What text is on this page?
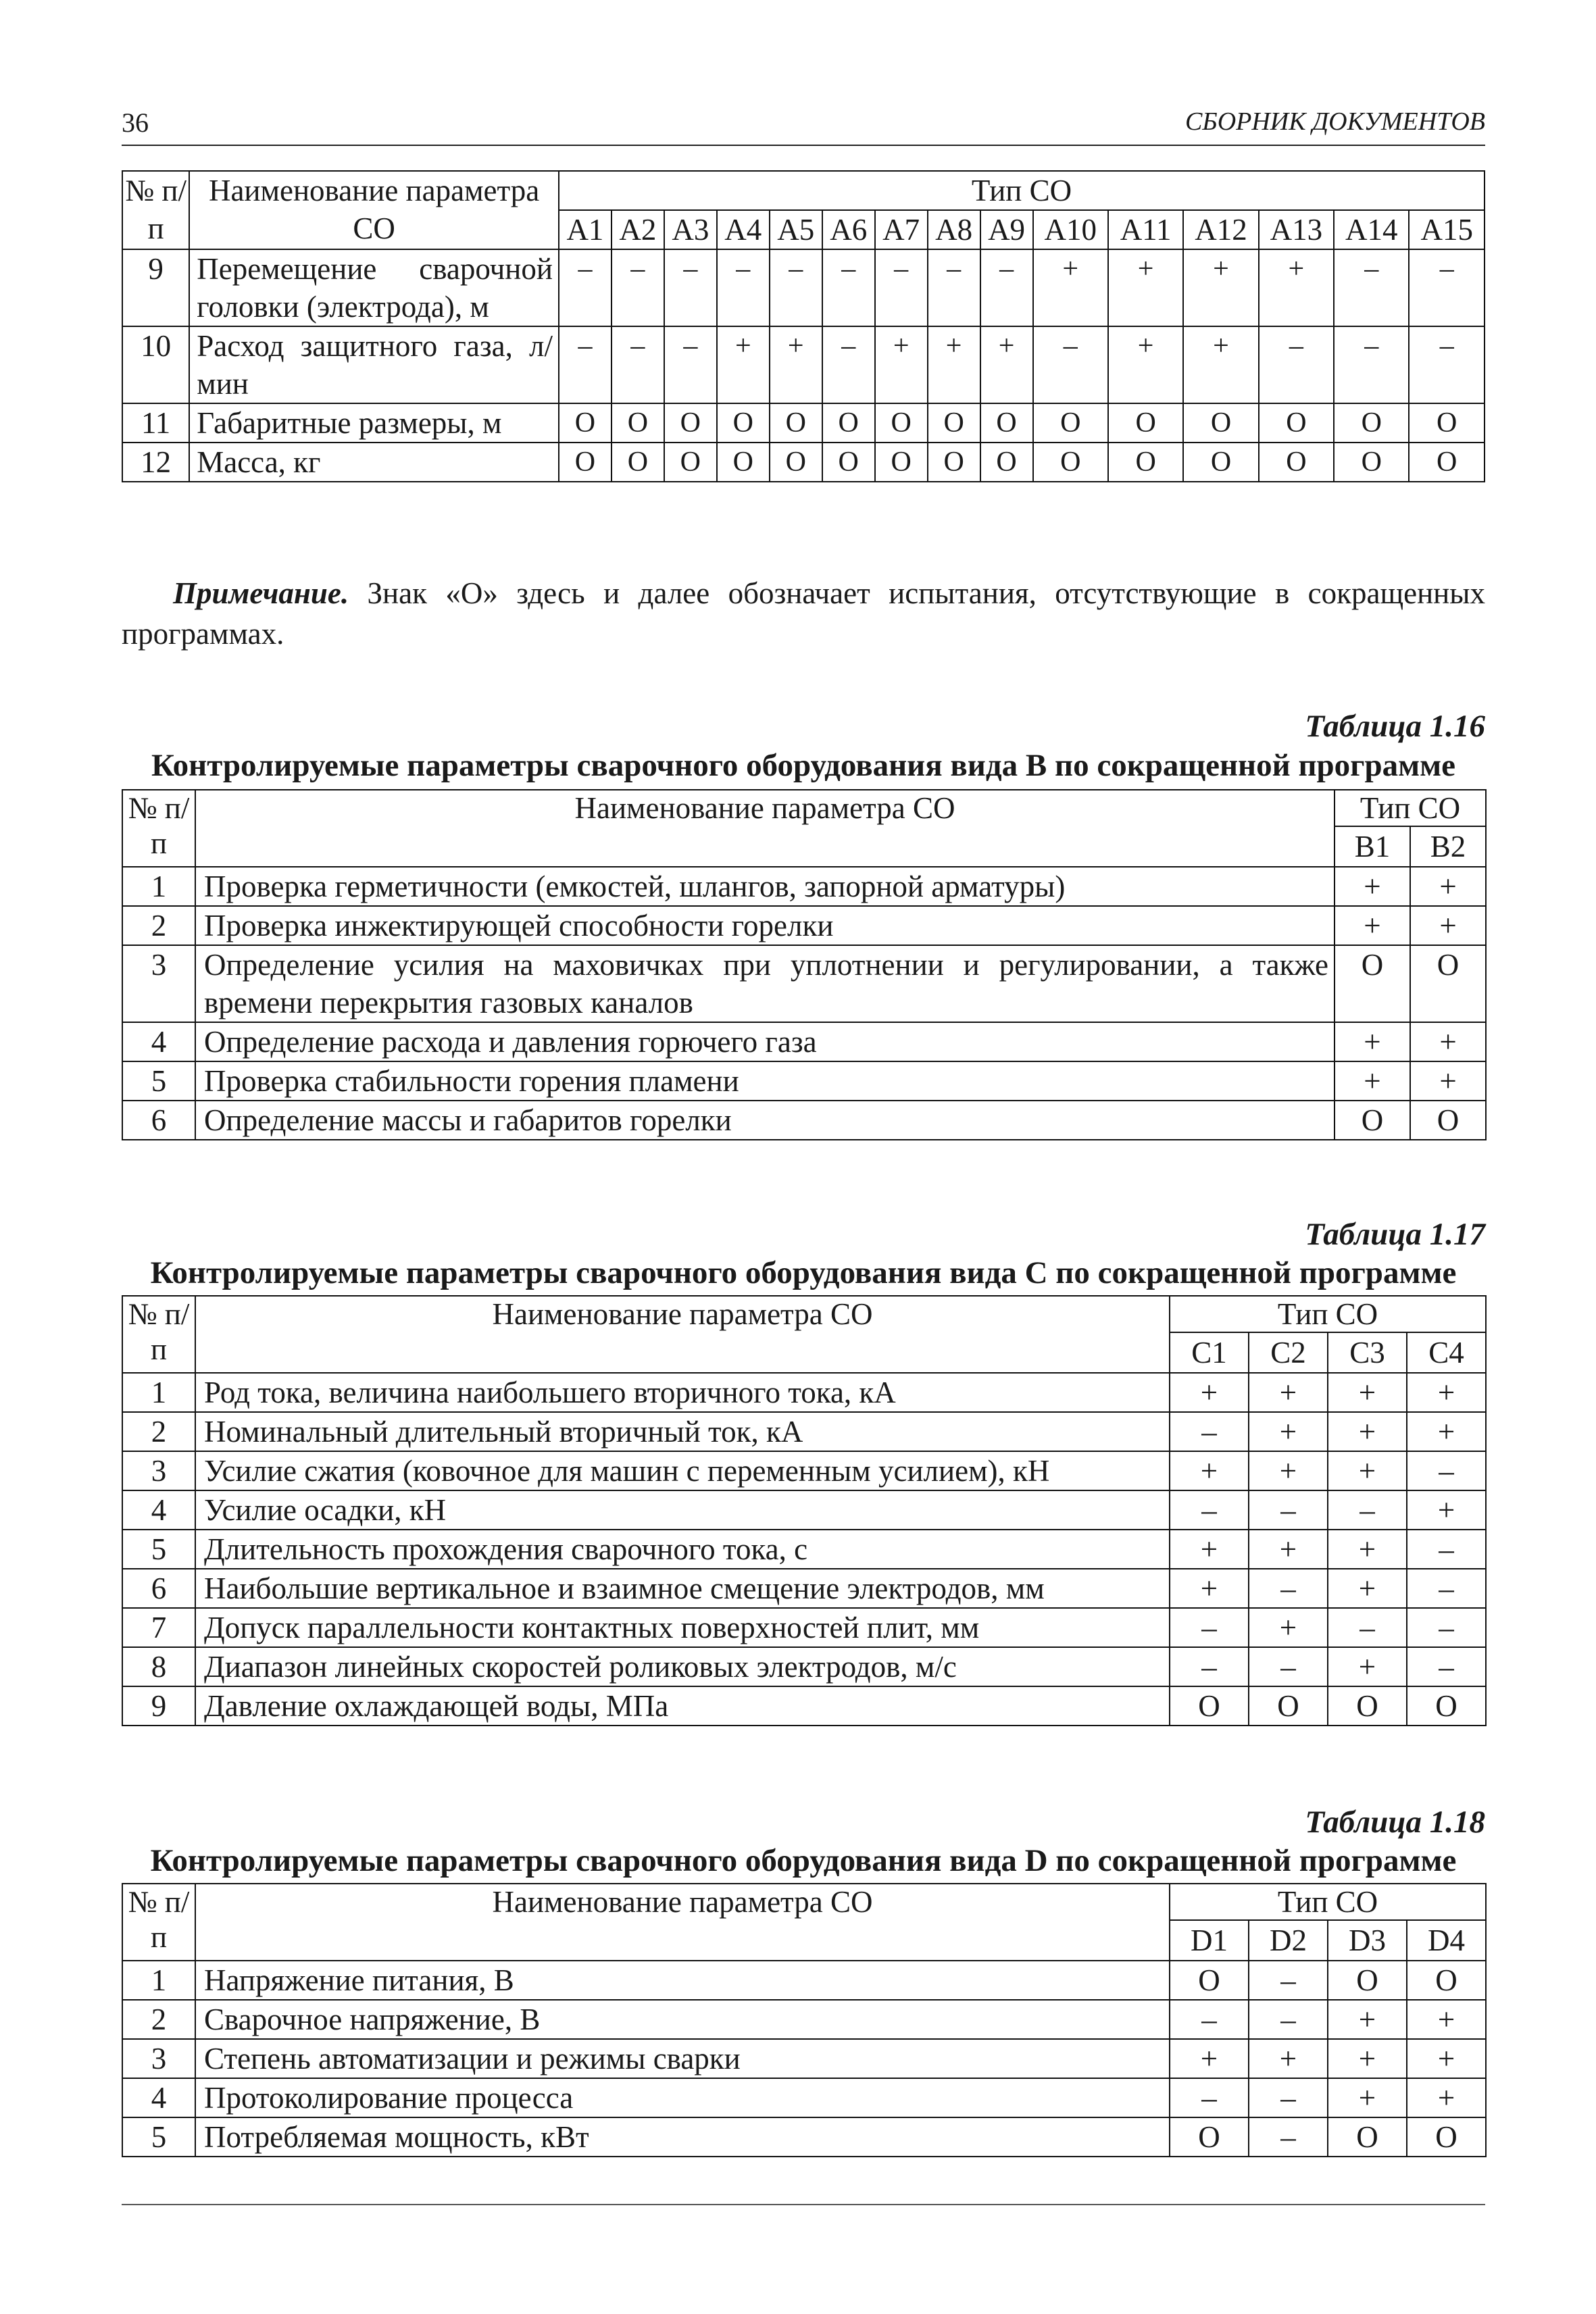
36	СБОРНИК ДОКУМЕНТОВ
№ п/п	Наименование параметра СО	Тип СО														
		А1	А2	А3	А4	А5	А6	А7	А8	А9	А10	А11	А12	А13	А14	А15
9	Перемещение сварочной головки (электрода), м	–	–	–	–	–	–	–	–	–	+	+	+	+	–	–
10	Расход защитного газа, л/мин	–	–	–	+	+	–	+	+	+	–	+	+	–	–	–
11	Габаритные размеры, м	О	О	О	О	О	О	О	О	О	О	О	О	О	О	О
12	Масса, кг	О	О	О	О	О	О	О	О	О	О	О	О	О	О	О
Примечание. Знак «О» здесь и далее обозначает испытания, отсутствующие в сокращенных программах.
Таблица 1.16
Контролируемые параметры сварочного оборудования вида В по сокращенной программе
№ п/п	Наименование параметра СО	Тип СО	
		В1	В2
1	Проверка герметичности (емкостей, шлангов, запорной арматуры)	+	+
2	Проверка инжектирующей способности горелки	+	+
3	Определение усилия на маховичках при уплотнении и регулировании, а также времени перекрытия газовых каналов	О	О
4	Определение расхода и давления горючего газа	+	+
5	Проверка стабильности горения пламени	+	+
6	Определение массы и габаритов горелки	О	О
Таблица 1.17
Контролируемые параметры сварочного оборудования вида С по сокращенной программе
№ п/п	Наименование параметра СО	Тип СО			
		С1	С2	С3	С4
1	Род тока, величина наибольшего вторичного тока, кА	+	+	+	+
2	Номинальный длительный вторичный ток, кА	–	+	+	+
3	Усилие сжатия (ковочное для машин с переменным усилием), кН	+	+	+	–
4	Усилие осадки, кН	–	–	–	+
5	Длительность прохождения сварочного тока, с	+	+	+	–
6	Наибольшие вертикальное и взаимное смещение электродов, мм	+	–	+	–
7	Допуск параллельности контактных поверхностей плит, мм	–	+	–	–
8	Диапазон линейных скоростей роликовых электродов, м/с	–	–	+	–
9	Давление охлаждающей воды, МПа	О	О	О	О
Таблица 1.18
Контролируемые параметры сварочного оборудования вида D по сокращенной программе
№ п/п	Наименование параметра СО	Тип СО			
		D1	D2	D3	D4
1	Напряжение питания, В	О	–	О	О
2	Сварочное напряжение, В	–	–	+	+
3	Степень автоматизации и режимы сварки	+	+	+	+
4	Протоколирование процесса	–	–	+	+
5	Потребляемая мощность, кВт	О	–	О	О
